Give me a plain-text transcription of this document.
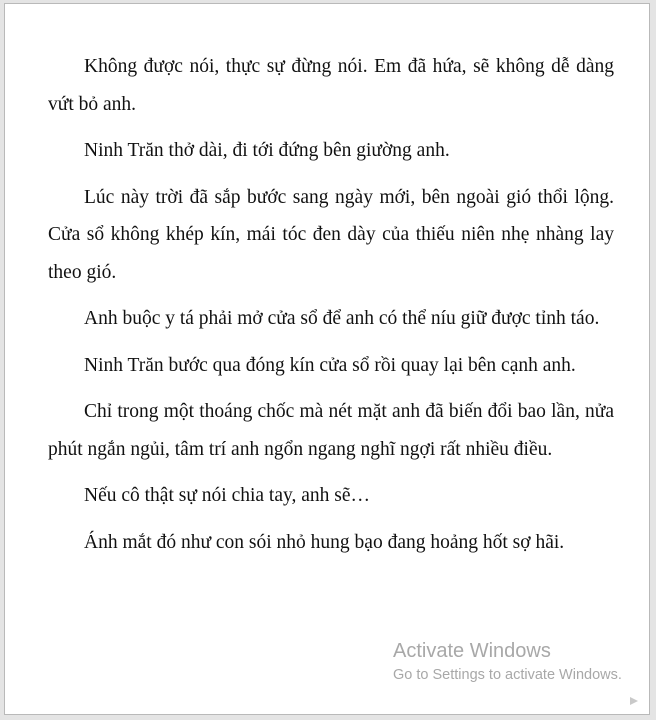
Không được nói, thực sự đừng nói. Em đã hứa, sẽ không dễ dàng vứt bỏ anh.

Ninh Trăn thở dài, đi tới đứng bên giường anh.

Lúc này trời đã sắp bước sang ngày mới, bên ngoài gió thổi lộng. Cửa sổ không khép kín, mái tóc đen dày của thiếu niên nhẹ nhàng lay theo gió.

Anh buộc y tá phải mở cửa sổ để anh có thể níu giữ được tỉnh táo.

Ninh Trăn bước qua đóng kín cửa sổ rồi quay lại bên cạnh anh.

Chỉ trong một thoáng chốc mà nét mặt anh đã biến đổi bao lần, nửa phút ngắn ngủi, tâm trí anh ngổn ngang nghĩ ngợi rất nhiều điều.

Nếu cô thật sự nói chia tay, anh sẽ…

Ánh mắt đó như con sói nhỏ hung bạo đang hoảng hốt sợ hãi.

Activate Windows
Go to Settings to activate Windows.
